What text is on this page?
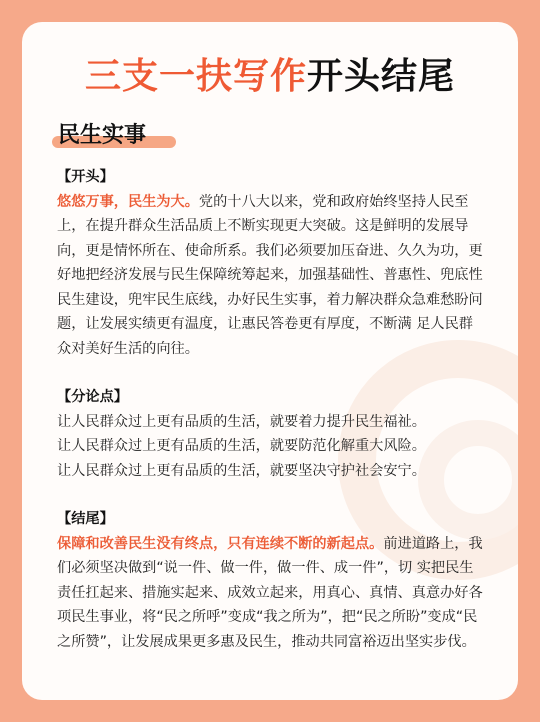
三支一扶写作开头结尾
民生实事

【开头】

悠悠万事，民生为大。党的十八大以来，党和政府始终坚持人民至上，在提升群众生活品质上不断实现更大突破。这是鲜明的发展导向，更是情怀所在、使命所系。我们必须要加压奋进、久久为功，更好地把经济发展与民生保障统筹起来，加强基础性、普惠性、兜底性民生建设，兜牢民生底线，办好民生实事，着力解决群众急难愁盼问题，让发展实绩更有温度，让惠民答卷更有厚度，不断满 足人民群众对美好生活的向往。

【分论点】

让人民群众过上更有品质的生活，就要着力提升民生福祉。

让人民群众过上更有品质的生活，就要防范化解重大风险。

让人民群众过上更有品质的生活，就要坚决守护社会安宁。

【结尾】

保障和改善民生没有终点，只有连续不断的新起点。前进道路上，我们必须坚决做到“说一件、做一件，做一件、成一件”，切 实把民生责任扛起来、措施实起来、成效立起来，用真心、真情、真意办好各项民生事业，将“民之所呼”变成“我之所为”，把“民之所盼”变成“民之所赞”，让发展成果更多惠及民生，推动共同富裕迈出坚实步伐。
